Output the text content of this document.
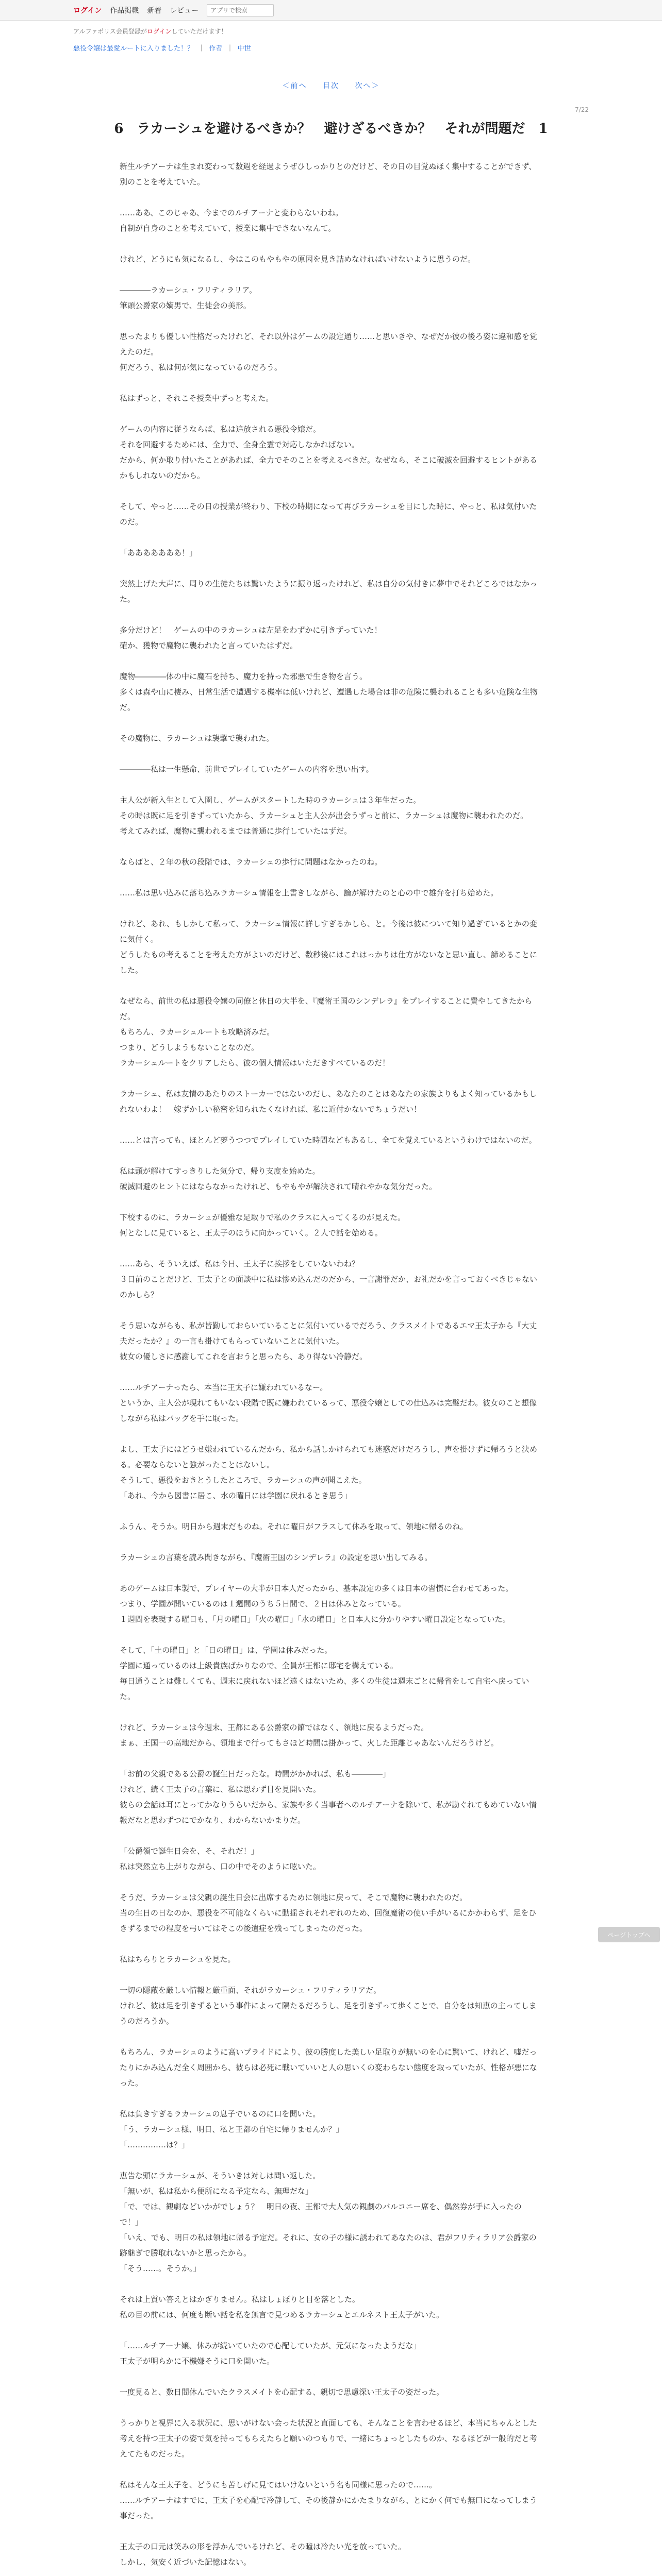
ログイン 作品掲載 新着 レビュー
アプリで検索
アルファポリス会員登録がログインしていただけます！
悪役令嬢は最愛ルートに入りました！？ ｜ 作者 ｜ 中世
＜前へ 目次 次へ＞
7/22
6　ラカーシュを避けるべきか？　避けざるべきか？　それが問題だ　1

新生ルチアーナは生まれ変わって数週を経過ようぜひしっかりとのだけど、その日の目覚ぬほく集中することができず、別のことを考えていた。

……ああ、このじゃあ、今までのルチアーナと変わらないわね。
自制が自身のことを考えていて、授業に集中できないなんて。

けれど、どうにも気になるし、今はこのもやもやの原因を見き詰めなければいけないように思うのだ。

――――ラカーシュ・フリティラリア。
筆頭公爵家の嫡男で、生徒会の美形。

思ったよりも優しい性格だったけれど、それ以外はゲームの設定通り……と思いきや、なぜだか彼の後ろ姿に違和感を覚えたのだ。
何だろう、私は何が気になっているのだろう。

私はずっと、それこそ授業中ずっと考えた。

ゲームの内容に従うならば、私は追放される悪役令嬢だ。
それを回避するためには、全力で、全身全霊で対応しなかればない。
だから、何か取り付いたことがあれば、全力でそのことを考えるべきだ。なぜなら、そこに破滅を回避するヒントがあるかもしれないのだから。

そして、やっと……その日の授業が終わり、下校の時期になって再びラカーシュを目にした時に、やっと、私は気付いたのだ。

「あああああああ！」

突然上げた大声に、周りの生徒たちは驚いたように振り返ったけれど、私は自分の気付きに夢中でそれどころではなかった。

多分だけど！　ゲームの中のラカーシュは左足をわずかに引きずっていた！
確か、獲物で魔物に襲われたと言っていたはずだ。

魔物――――体の中に魔石を持ち、魔力を持った邪悪で生き物を言う。
多くは森や山に棲み、日常生活で遭遇する機率は低いけれど、遭遇した場合は非の危険に襲われることも多い危険な生物だ。

その魔物に、ラカーシュは襲撃で襲われた。

――――私は一生懸命、前世でプレイしていたゲームの内容を思い出す。

主人公が新入生として入園し、ゲームがスタートした時のラカーシュは３年生だった。
その時は既に足を引きずっていたから、ラカーシュと主人公が出会うずっと前に、ラカーシュは魔物に襲われたのだ。
考えてみれば、魔物に襲われるまでは普通に歩行していたはずだ。

ならばと、２年の秋の段階では、ラカーシュの歩行に問題はなかったのね。

……私は思い込みに落ち込みラカーシュ情報を上書きしながら、論が解けたのと心の中で雄弁を打ち始めた。

けれど、あれ、もしかして私って、ラカーシュ情報に詳しすぎるかしら、と。今後は彼について知り過ぎているとかの変に気付く。
どうしたもの考えることを考えた方がよいのだけど、数秒後にはこれはっかりは仕方がないなと思い直し、諦めることにした。

なぜなら、前世の私は悪役令嬢の同僚と休日の大半を、『魔術王国のシンデレラ』をプレイすることに費やしてきたからだ。
もちろん、ラカーシュルートも攻略済みだ。
つまり、どうしようもないことなのだ。
ラカーシュルートをクリアしたら、彼の個人情報はいただきすべているのだ！

ラカーシュ、私は友情のあたりのストーカーではないのだし、あなたのことはあなたの家族よりもよく知っているかもしれないわよ！　嫁ずかしい秘密を知られたくなければ、私に近付かないでちょうだい！

……とは言っても、ほとんど夢うつつでプレイしていた時間などもあるし、全てを覚えているというわけではないのだ。

私は頭が解けてすっきりした気分で、帰り支度を始めた。
破滅回避のヒントにはならなかったけれど、もやもやが解決されて晴れやかな気分だった。

下校するのに、ラカーシュが優雅な足取りで私のクラスに入ってくるのが見えた。
何となしに見ていると、王太子のほうに向かっていく。２人で話を始める。

……あら、そういえば、私は今日、王太子に挨拶をしていないわね？
３日前のことだけど、王太子との面談中に私は惨め込んだのだから、一言謝罪だか、お礼だかを言っておくべきじゃないのかしら？

そう思いながらも、私が皆勤しておらいていることに気付いているでだろう、クラスメイトであるエマ王太子から『大丈夫だったか？』の一言も掛けてもらっていないことに気付いた。
彼女の優しさに感謝してこれを言おうと思ったら、あり得ない冷静だ。

……ルチアーナったら、本当に王太子に嫌われているなー。
というか、主人公が現れてもいない段階で既に嫌われているって、悪役令嬢としての仕込みは完璧だわ。彼女のこと想像しながら私はバッグを手に取った。

よし、王太子にはどうせ嫌われているんだから、私から話しかけられても迷惑だけだろうし、声を掛けずに帰ろうと決める。必要ならないと強がったことはないし。
そうして、悪役をおきとうしたところで、ラカーシュの声が聞こえた。
「あれ、今から図書に居こ、水の曜日には学園に戻れるとき思う」

ふうん、そうか。明日から週末だものね。それに曜日がフラスして休みを取って、領地に帰るのね。

ラカーシュの言葉を読み聞きながら、『魔術王国のシンデレラ』の設定を思い出してみる。

あのゲームは日本製で、プレイヤーの大半が日本人だったから、基本設定の多くは日本の習慣に合わせてあった。
つまり、学園が開いているのは１週間のうち５日間で、２日は休みとなっている。
１週間を表現する曜日も、「月の曜日」「火の曜日」「水の曜日」と日本人に分かりやすい曜日設定となっていた。

そして、「土の曜日」と「日の曜日」は、学園は休みだった。
学園に通っているのは上級貴族ばかりなので、全員が王都に邸宅を構えている。
毎日通うことは難しくても、週末に戻れないほど遠くはないため、多くの生徒は週末ごとに帰省をして自宅へ戻っていた。

けれど、ラカーシュは今週末、王都にある公爵家の館ではなく、領地に戻るようだった。
まぁ、王国一の高地だから、領地まで行ってもさほど時間は掛かって、火した距離じゃあないんだろうけど。

「お前の父親である公爵の誕生日だったな。時間がかかれば、私も――――」
けれど、続く王太子の言葉に、私は思わず目を見開いた。
彼らの会話は耳にとってかなりうらいだから、家族や多く当事者へのルチアーナを除いて、私が勘ぐれてもめていない情報だなと思わずつにでかなり、わからないかまりだ。

「公爵領で誕生日会を、そ、それだ！」
私は突然立ち上がりながら、口の中でそのように呟いた。

そうだ、ラカーシュは父親の誕生日会に出席するために領地に戻って、そこで魔物に襲われたのだ。
当の生日の日なのか、悪役を不可能なくらいに動揺されそれぞれのため、回復魔術の使い手がいるにかかわらず、足をひきずるまでの程度を弓いてはそこの後遺症を残ってしまったのだった。

私はちらりとラカーシュを見た。

一切の隠蔽を厳しい情報と厳重面、それがラカーシュ・フリティラリアだ。
けれど、彼は足を引きずるという事件によって隔たるだろうし、足を引きずって歩くことで、自分をは知恵の主ってしまうのだろうか。

もちろん、ラカーシュのように高いプライドにより、彼の勝度した美しい足取りが無いのを心に驚いて、けれど、嘘だったりにかみ込んだ全く周囲から、彼らは必死に戦いていいと人の思いくの変わらない態度を取っていたが、性格が悪になった。

私は負きすぎるラカーシュの息子でいるのに口を開いた。
「う、ラカーシュ様、明日、私と王都の自宅に帰りませんか？」
「……………は？」

恵告な頭にラカーシュが、そういきは対しは問い返した。
「無いが、私は私から便所になる予定なら、無理だな」
「で、では、観劇などいかがでしょう？　明日の夜、王都で大人気の観劇のバルコニー席を、偶然券が手に入ったので！」
「いえ、でも、明日の私は領地に帰る予定だ。それに、女の子の様に誘われてあなたのは、君がフリティラリア公爵家の跡継ぎで勝取れないかと思ったから。
「そう……。そうか。」

それは上質い答えとはかぎりません。私はしょぼりと目を落とした。
私の目の前には、何度も断い話を私を無言で見つめるラカーシュとエルネスト王太子がいた。

「……ルチアーナ嬢、休みが続いていたので心配していたが、元気になったようだな」
王太子が明らかに不機嫌そうに口を開いた。

一度見ると、数日間休んでいたクラスメイトを心配する、親切で思慮深い王太子の姿だった。

うっかりと視界に入る状況に、思いがけない会った状況と直面しても、そんなことを言わせるほど、本当にちゃんとした考えを持つ王太子の姿で気を持ってもらえたらと願いのつもりで、一緒にちょっとしたものか、なるほどが一般的だと考えてたものだった。

私はそんな王太子を、どうにも苦しげに見てはいけないという名も同様に思ったので……。
……ルチアーナはすでに、王太子を心配で冷静して、その後静かにかたまりながら、とにかく何でも無口になってしまう事だった。

王太子の口元は笑みの形を浮かんでいるけれど、その瞳は冷たい光を放っていた。
しかし、気安く近づいた記憶はない。

ページトップへ
